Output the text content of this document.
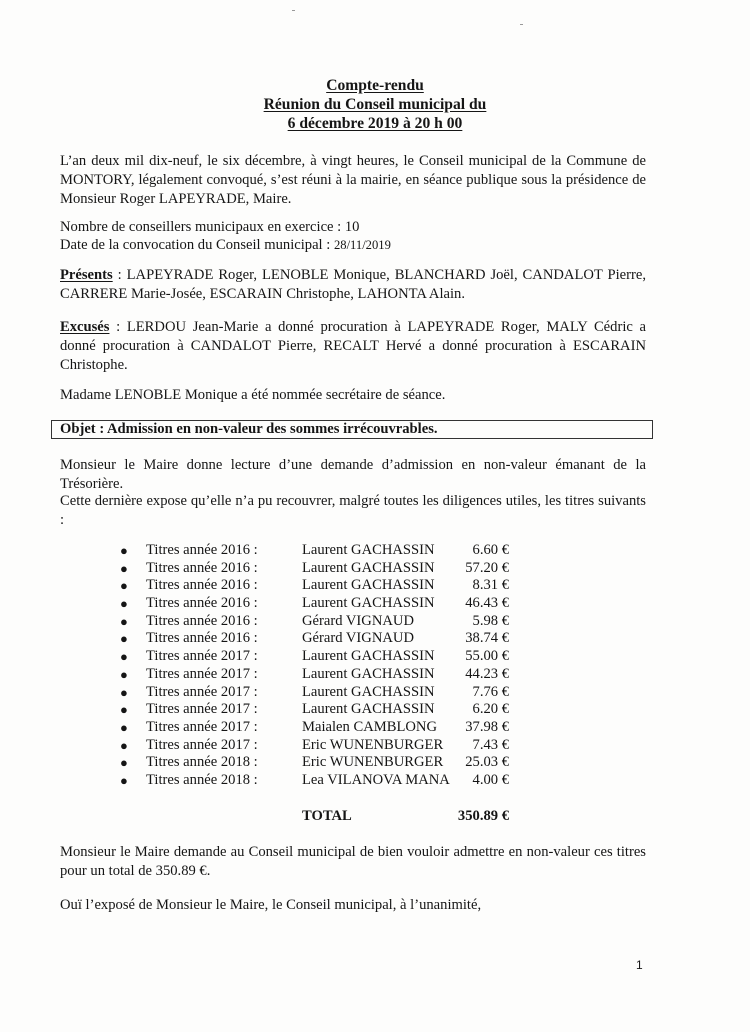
Compte-rendu
Réunion du Conseil municipal du
6 décembre 2019 à 20 h 00

L’an deux mil dix-neuf, le six décembre, à vingt heures, le Conseil municipal de la Commune de MONTORY, légalement convoqué, s’est réuni à la mairie, en séance publique sous la présidence de Monsieur Roger LAPEYRADE, Maire.

Nombre de conseillers municipaux en exercice : 10
Date de la convocation du Conseil municipal : 28/11/2019

Présents : LAPEYRADE Roger, LENOBLE Monique, BLANCHARD Joël, CANDALOT Pierre, CARRERE Marie-Josée, ESCARAIN Christophe, LAHONTA Alain.

Excusés : LERDOU Jean-Marie a donné procuration à LAPEYRADE Roger, MALY Cédric a donné procuration à CANDALOT Pierre, RECALT Hervé a donné procuration à ESCARAIN Christophe.

Madame LENOBLE Monique a été nommée secrétaire de séance.
Objet : Admission en non-valeur des sommes irrécouvrables.

Monsieur le Maire donne lecture d’une demande d’admission en non-valeur émanant de la Trésorière.

Cette dernière expose qu’elle n’a pu recouvrer, malgré toutes les diligences utiles, les titres suivants :

● Titres année 2016 :	Laurent GACHASSIN	6.60 €
● Titres année 2016 :	Laurent GACHASSIN	57.20 €
● Titres année 2016 :	Laurent GACHASSIN	8.31 €
● Titres année 2016 :	Laurent GACHASSIN	46.43 €
● Titres année 2016 :	Gérard VIGNAUD	5.98 €
● Titres année 2016 :	Gérard VIGNAUD	38.74 €
● Titres année 2017 :	Laurent GACHASSIN	55.00 €
● Titres année 2017 :	Laurent GACHASSIN	44.23 €
● Titres année 2017 :	Laurent GACHASSIN	7.76 €
● Titres année 2017 :	Laurent GACHASSIN	6.20 €
● Titres année 2017 :	Maialen CAMBLONG	37.98 €
● Titres année 2017 :	Eric WUNENBURGER	7.43 €
● Titres année 2018 :	Eric WUNENBURGER	25.03 €
● Titres année 2018 :	Lea VILANOVA MANA	4.00 €
TOTAL	350.89 €

Monsieur le Maire demande au Conseil municipal de bien vouloir admettre en non-valeur ces titres pour un total de 350.89 €.

Ouï l’exposé de Monsieur le Maire, le Conseil municipal, à l’unanimité,

1
